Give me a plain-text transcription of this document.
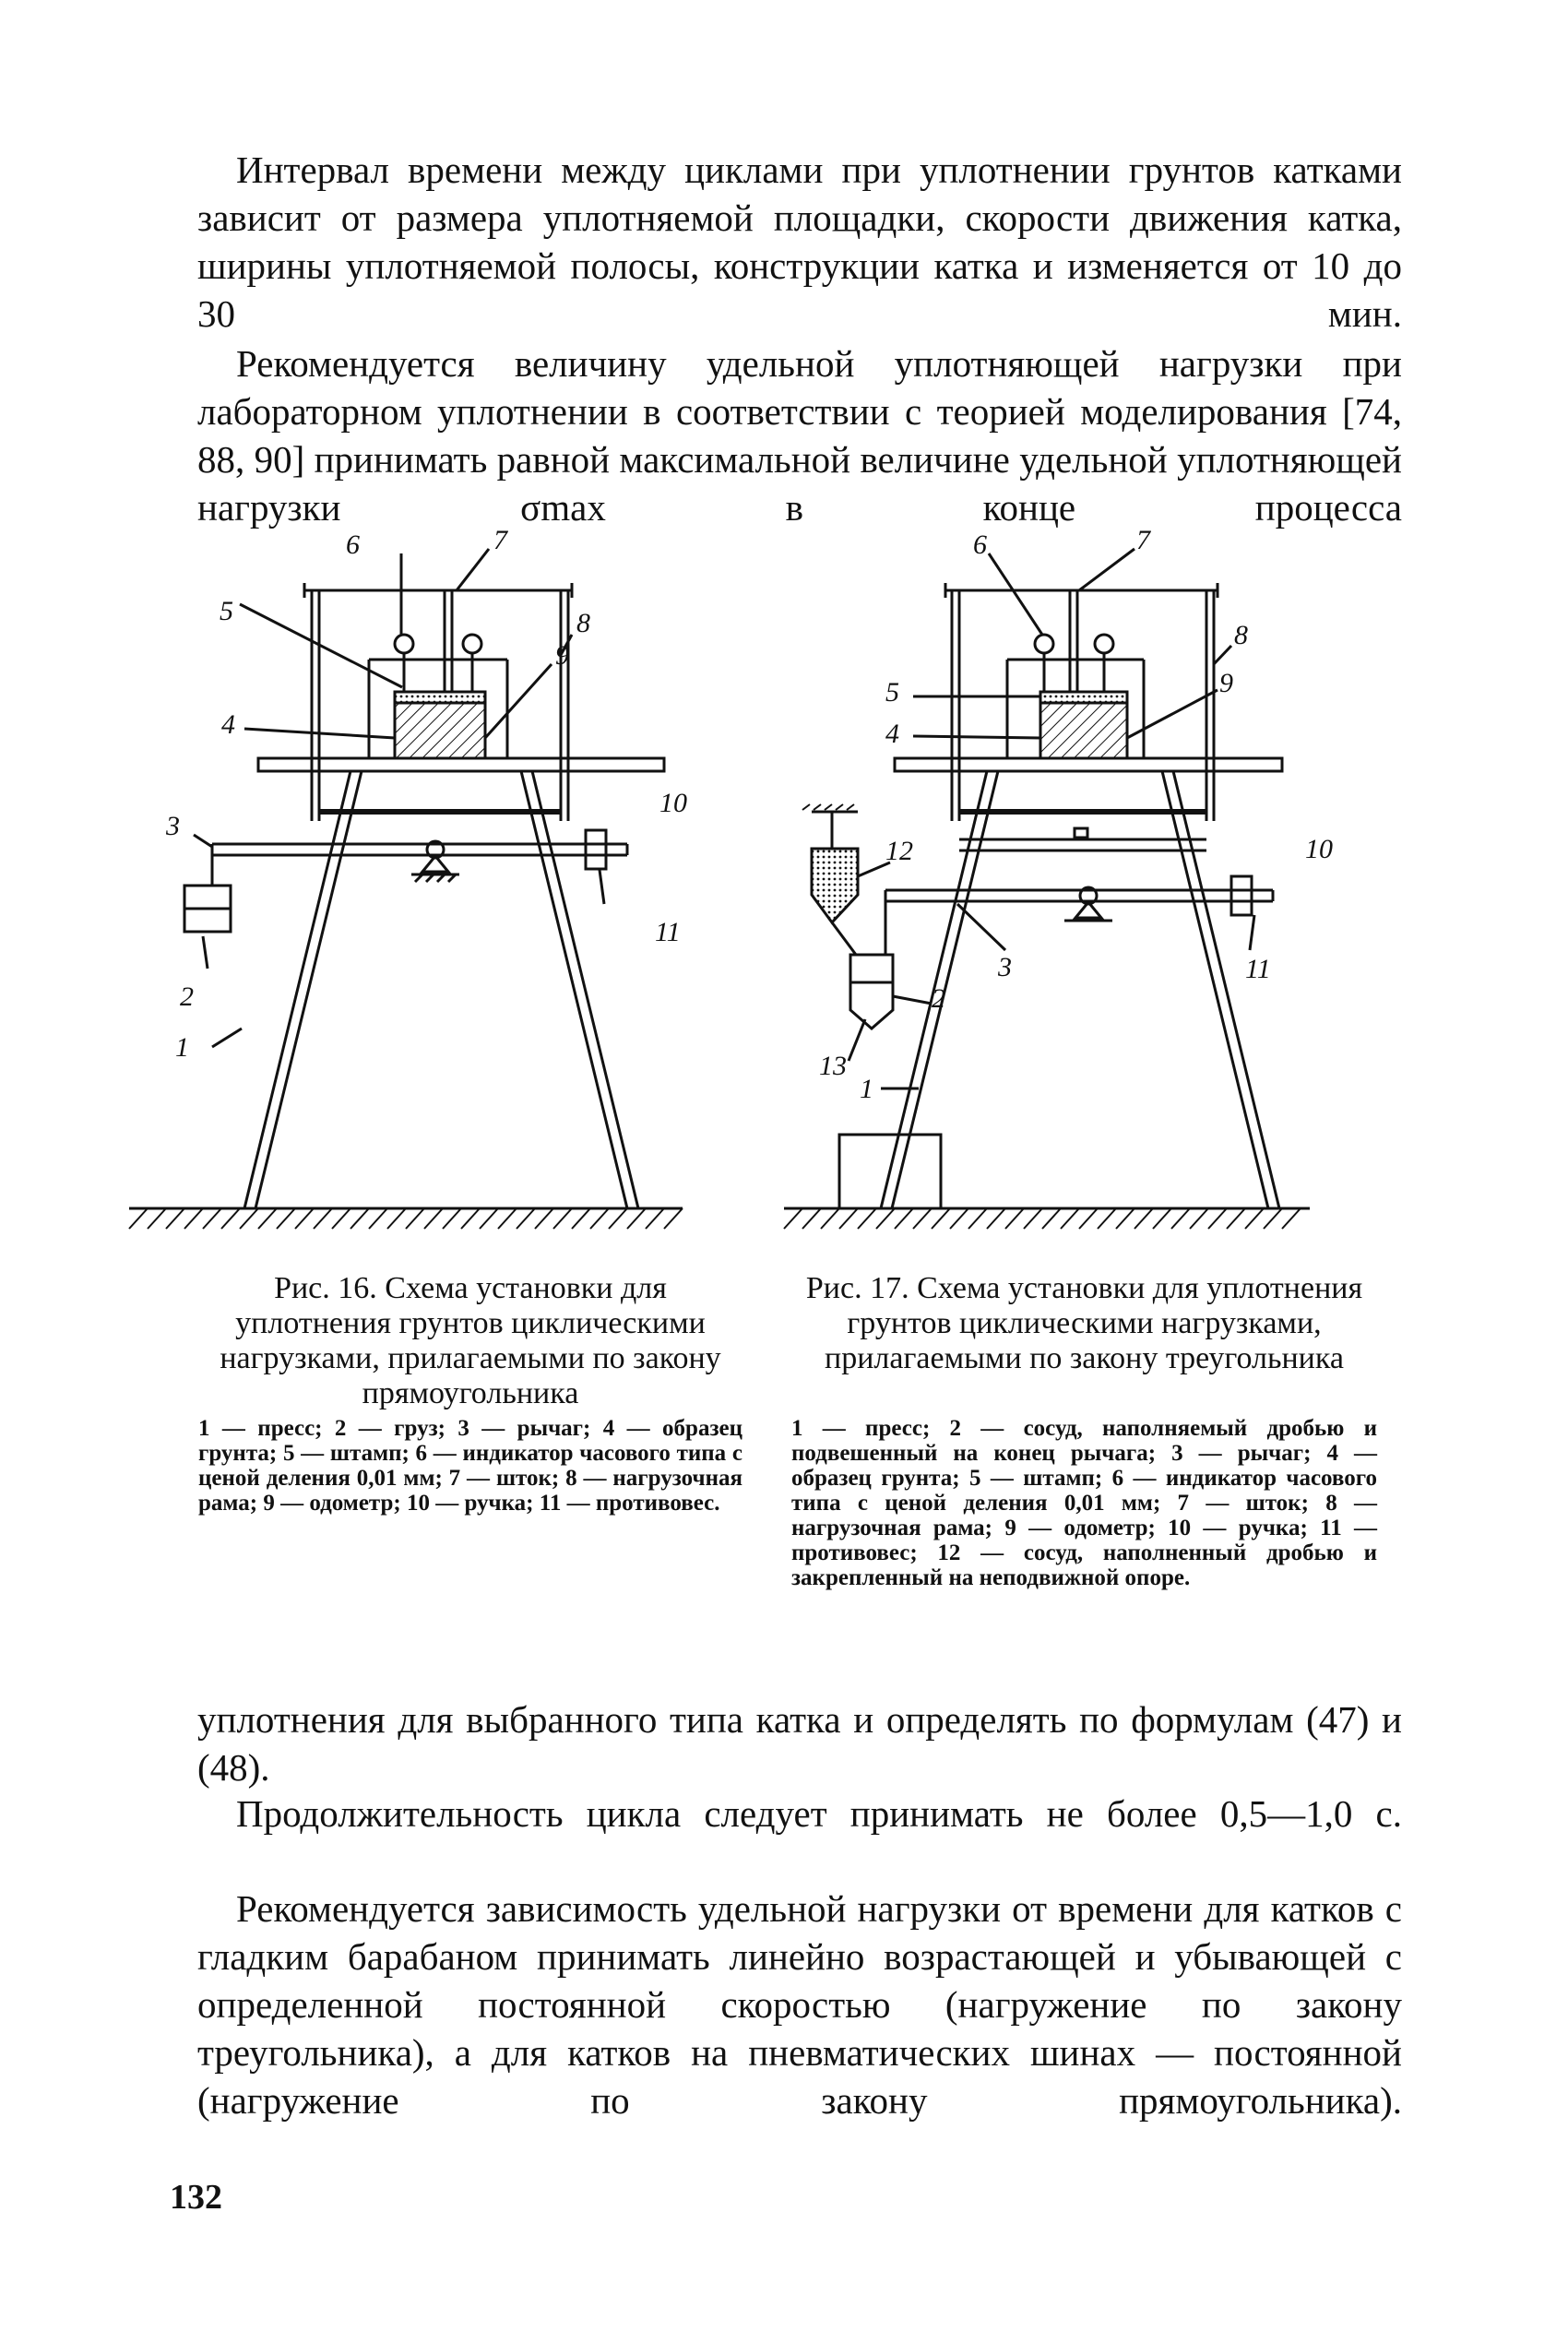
Интервал времени между циклами при уплотнении грунтов катками зависит от размера уплотняемой площадки, скорости движения катка, ширины уплотняемой полосы, конструкции катка и изменяется от 10 до 30 мин.
Рекомендуется величину удельной уплотняющей нагрузки при лабораторном уплотнении в соответствии с теорией моделирования [74, 88, 90] принимать равной максимальной величине удельной уплотняющей нагрузки σmax в конце процесса
6	7
5	8
9
4
3
10
11
2
1
6	7
8
5	9
4
12	10
3
2
11
13
1
Рис. 16. Схема установки для уплотнения грунтов циклическими нагрузками, прилагаемыми по закону прямоугольника
1 — пресс; 2 — груз; 3 — рычаг; 4 — образец грунта; 5 — штамп; 6 — индикатор часового типа с ценой деления 0,01 мм; 7 — шток; 8 — нагрузочная рама; 9 — одометр; 10 — ручка; 11 — противовес.
Рис. 17. Схема установки для уплотнения грунтов циклическими нагрузками, прилагаемыми по закону треугольника
1 — пресс; 2 — сосуд, наполняемый дробью и подвешенный на конец рычага; 3 — рычаг; 4 — образец грунта; 5 — штамп; 6 — индикатор часового типа с ценой деления 0,01 мм; 7 — шток; 8 — нагрузочная рама; 9 — одометр; 10 — ручка; 11 — противовес; 12 — сосуд, наполненный дробью и закрепленный на неподвижной опоре.
уплотнения для выбранного типа катка и определять по формулам (47) и (48).
Продолжительность цикла следует принимать не более 0,5—1,0 с.
Рекомендуется зависимость удельной нагрузки от времени для катков с гладким барабаном принимать линейно возрастающей и убывающей с определенной постоянной скоростью (нагружение по закону треугольника), а для катков на пневматических шинах — постоянной (нагружение по закону прямоугольника).
132
